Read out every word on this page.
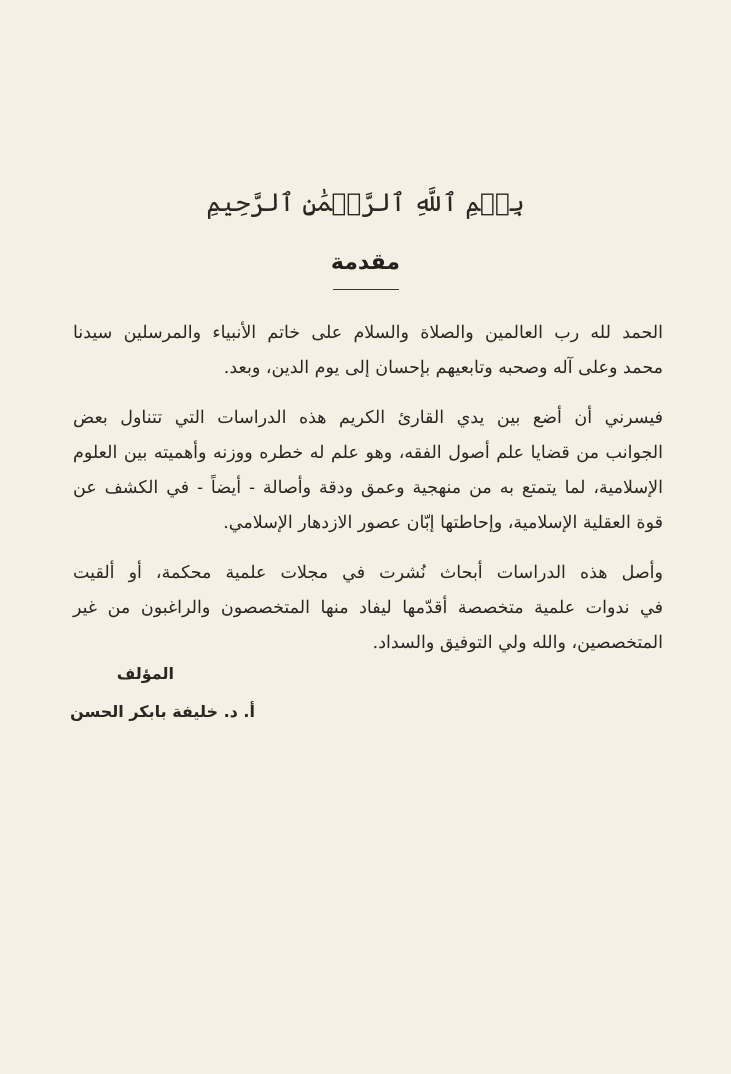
بِسۡمِ ٱللَّهِ ٱلرَّحۡمَٰنِ ٱلرَّحِيمِ
مقدمة

الحمد لله رب العالمين والصلاة والسلام على خاتم الأنبياء والمرسلين سيدنا
محمد وعلى آله وصحبه وتابعيهم بإحسان إلى يوم الدين، وبعد.

فيسرني أن أضع بين يدي القارئ الكريم هذه الدراسات التي تتناول بعض
الجوانب من قضايا علم أصول الفقه، وهو علم له خطره ووزنه وأهميته بين العلوم
الإسلامية، لما يتمتع به من منهجية وعمق ودقة وأصالة - أيضاً - في الكشف عن
قوة العقلية الإسلامية، وإحاطتها إبّان عصور الازدهار الإسلامي.

وأصل هذه الدراسات أبحاث نُشرت في مجلات علمية محكمة، أو ألقيت
في ندوات علمية متخصصة أقدّمها ليفاد منها المتخصصون والراغبون من غير
المتخصصين، والله ولي التوفيق والسداد.

المؤلف
أ. د. خليفة بابكر الحسن
